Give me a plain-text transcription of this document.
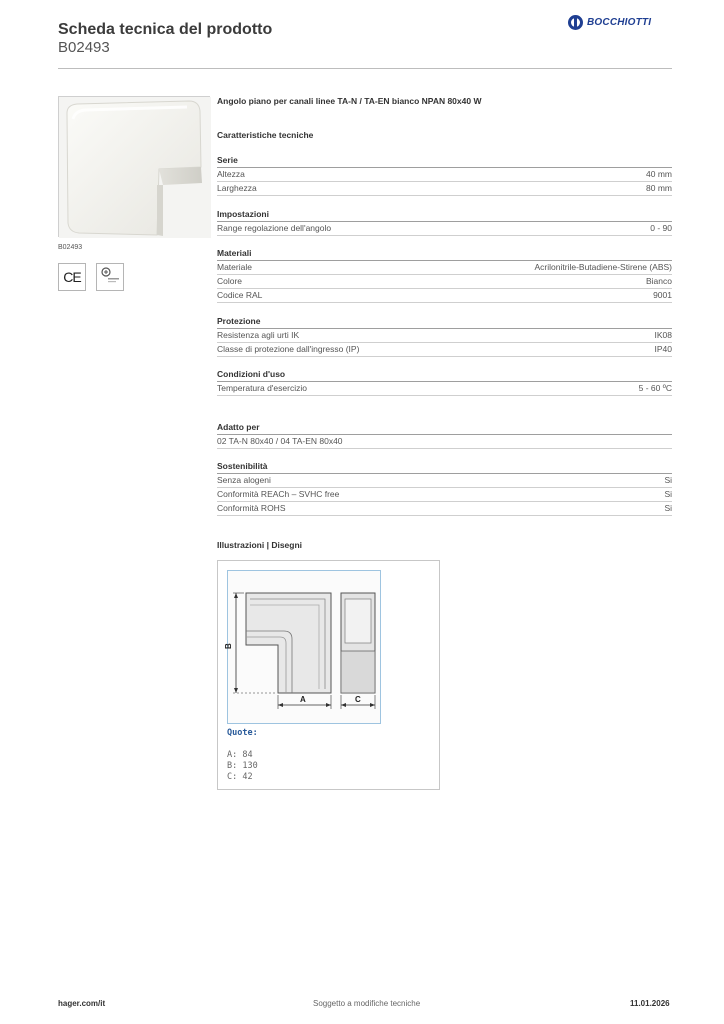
Scheda tecnica del prodotto
B02493
BOCCHIOTTI
B02493
CE
Angolo piano per canali linee TA-N / TA-EN bianco NPAN 80x40 W
Caratteristiche tecniche
Serie
Altezza	40 mm
Larghezza	80 mm
Impostazioni
Range regolazione dell'angolo	0 - 90
Materiali
Materiale	Acrilonitrile-Butadiene-Stirene (ABS)
Colore	Bianco
Codice RAL	9001
Protezione
Resistenza agli urti IK	IK08
Classe di protezione dall'ingresso (IP)	IP40
Condizioni d'uso
Temperatura d'esercizio	5 - 60 ºC
Adatto per
02 TA-N 80x40 / 04 TA-EN 80x40
Sostenibilità
Senza alogeni	Si
Conformità REACh – SVHC free	Si
Conformità ROHS	Si
Illustrazioni | Disegni
A	C
B
Quote:
A: 84
B: 130
C: 42
hager.com/it	Soggetto a modifiche tecniche	11.01.2026
